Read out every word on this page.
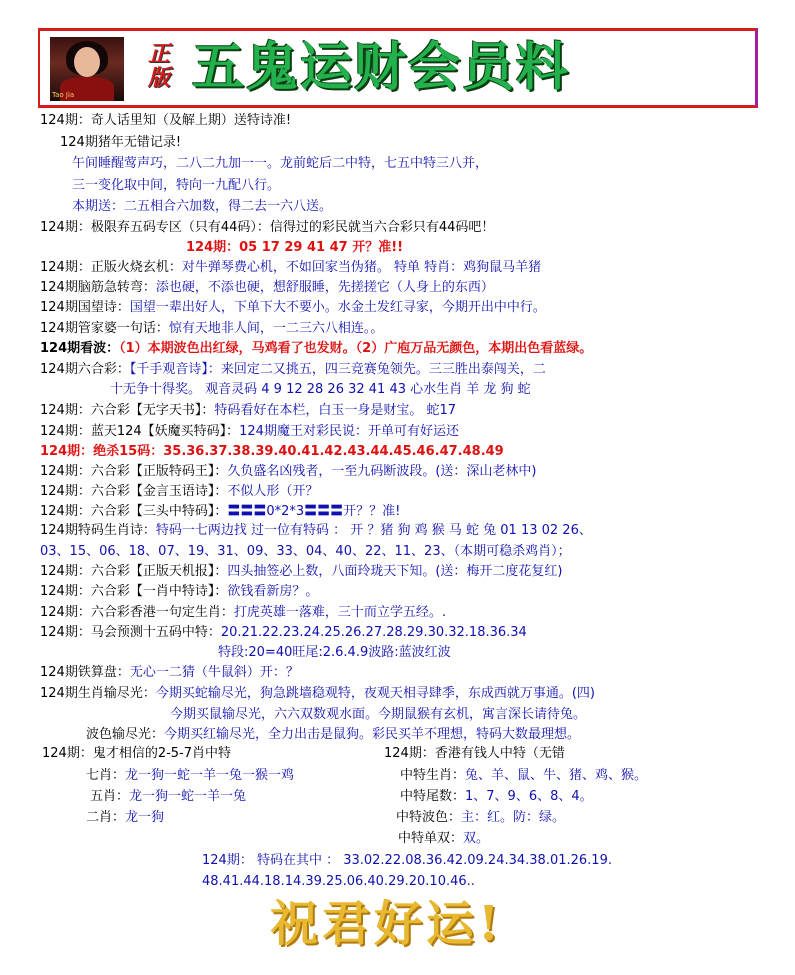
Tao Jia
正版 五鬼运财会员料
124期：奇人话里知（及解上期）送特诗准!
124期猪年无错记录!
午间睡醒莺声巧，二八二九加一一。龙前蛇后二中特，七五中特三八并，
三一变化取中间，特向一九配八行。
本期送：二五相合六加数，得二去一六八送。
124期：极限弃五码专区（只有44码）：信得过的彩民就当六合彩只有44码吧！
124期：05 17 29 41 47 开？准!!
124期：正版火烧玄机：对牛弹琴费心机，不如回家当伪猪。 特单 特肖：鸡狗鼠马羊猪
124期脑筋急转弯：添也硬，不添也硬，想舒服睡，先搓搓它（人身上的东西）
124期国望诗：国望一辈出好人，下单下大不要小。水金土发红寻家，今期开出中中行。
124期管家婆一句话：惊有天地非人间，一二三六八相连。。
124期看波：（1）本期波色出红绿，马鸡看了也发财。（2）广庖万品无颜色，本期出色看蓝绿。
124期六合彩：【千手观音诗】：来回定二又挑五，四三竞赛兔领先。三三胜出泰闯关，二
十无争十得奖。 观音灵码 4 9 12 28 26 32 41 43 心水生肖 羊 龙 狗 蛇
124期：六合彩【无字天书】：特码看好在本栏，白玉一身是财宝。 蛇17
124期：蓝天124【妖魔买特码】：124期魔王对彩民说：开单可有好运还
124期：绝杀15码：35.36.37.38.39.40.41.42.43.44.45.46.47.48.49
124期：六合彩【正版特码王】：久负盛名凶残者，一至九码断波段。(送：深山老林中)
124期：六合彩【金言玉语诗】：不似人形（开？
124期：六合彩【三头中特码】：〓〓〓0*2*3〓〓〓开？？准!
124期特码生肖诗：特码一七两边找 过一位有特码 ： 开 ？猪 狗 鸡 猴 马 蛇 兔 01 13 02 26、
03、15、06、18、07、19、31、09、33、04、40、22、11、23、（本期可稳杀鸡肖）；
124期：六合彩【正版天机报】：四头抽签必上数，八面玲珑天下知。(送：梅开二度花复红)
124期：六合彩【一肖中特诗】：欲钱看新房？。
124期：六合彩香港一句定生肖：打虎英雄一落难，三十而立学五经。.
124期：马会预测十五码中特：20.21.22.23.24.25.26.27.28.29.30.32.18.36.34
特段:20=40旺尾:2.6.4.9波路:蓝波红波
124期铁算盘：无心一二猜（牛鼠斜）开：？
124期生肖输尽光：今期买蛇输尽光，狗急跳墙稳观特，夜观天相寻肆季，东成西就万事通。(四)
今期买鼠输尽光，六六双数观水面。今期鼠猴有玄机，寓言深长请待兔。
波色输尽光：今期买红输尽光，全力出击是鼠狗。彩民买羊不理想，特码大数最理想。
124期：鬼才相信的2-5-7肖中特
七肖：龙一狗一蛇一羊一兔一猴一鸡
五肖：龙一狗一蛇一羊一兔
二肖：龙一狗
124期：香港有钱人中特（无错
中特生肖：兔、羊、鼠、牛、猪、鸡、猴。
中特尾数：1、7、9、6、8、4。
中特波色：主：红。防：绿。
中特单双：双。
124期： 特码在其中 ： 33.02.22.08.36.42.09.24.34.38.01.26.19.
48.41.44.18.14.39.25.06.40.29.20.10.46..
祝君好运!
